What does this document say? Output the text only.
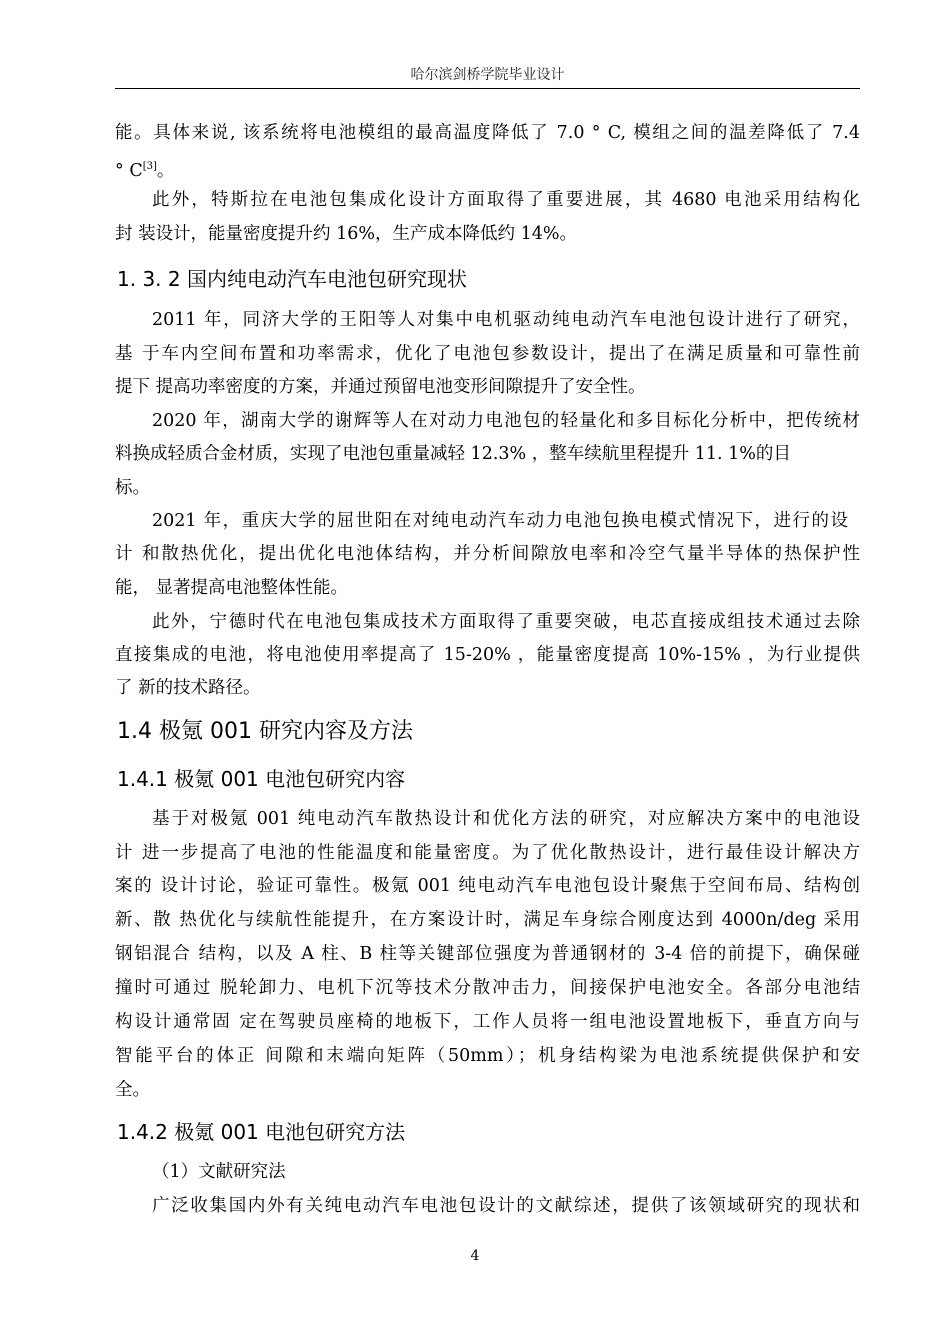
哈尔滨剑桥学院毕业设计
能。具体来说, 该系统将电池模组的最高温度降低了 7.0 ° C, 模组之间的温差降低了 7.4
° C[3]。
此外，特斯拉在电池包集成化设计方面取得了重要进展，其 4680 电池采用结构化
封 装设计，能量密度提升约 16%，生产成本降低约 14%。
1. 3. 2 国内纯电动汽车电池包研究现状
2011 年，同济大学的王阳等人对集中电机驱动纯电动汽车电池包设计进行了研究，
基 于车内空间布置和功率需求，优化了电池包参数设计，提出了在满足质量和可靠性前
提下 提高功率密度的方案，并通过预留电池变形间隙提升了安全性。
2020 年，湖南大学的谢辉等人在对动力电池包的轻量化和多目标化分析中，把传统材
料换成轻质合金材质，实现了电池包重量减轻 12.3% ，整车续航里程提升 11. 1%的目
标。
2021 年，重庆大学的屈世阳在对纯电动汽车动力电池包换电模式情况下，进行的设
计 和散热优化，提出优化电池体结构，并分析间隙放电率和冷空气量半导体的热保护性
能， 显著提高电池整体性能。
此外，宁德时代在电池包集成技术方面取得了重要突破，电芯直接成组技术通过去除
直接集成的电池，将电池使用率提高了 15-20% ，能量密度提高 10%-15% ，为行业提供
了 新的技术路径。
1.4 极氪 001 研究内容及方法
1.4.1 极氪 001 电池包研究内容
基于对极氪 001 纯电动汽车散热设计和优化方法的研究，对应解决方案中的电池设
计 进一步提高了电池的性能温度和能量密度。为了优化散热设计，进行最佳设计解决方
案的 设计讨论，验证可靠性。极氪 001 纯电动汽车电池包设计聚焦于空间布局、结构创
新、散 热优化与续航性能提升，在方案设计时，满足车身综合刚度达到 4000n/deg 采用
钢铝混合 结构，以及 A 柱、B 柱等关键部位强度为普通钢材的 3-4 倍的前提下，确保碰
撞时可通过 脱轮卸力、电机下沉等技术分散冲击力，间接保护电池安全。各部分电池结
构设计通常固 定在驾驶员座椅的地板下，工作人员将一组电池设置地板下，垂直方向与
智能平台的体正 间隙和末端向矩阵（50mm）；机身结构梁为电池系统提供保护和安
全。
1.4.2 极氪 001 电池包研究方法
（1）文献研究法
广泛收集国内外有关纯电动汽车电池包设计的文献综述，提供了该领域研究的现状和
4
